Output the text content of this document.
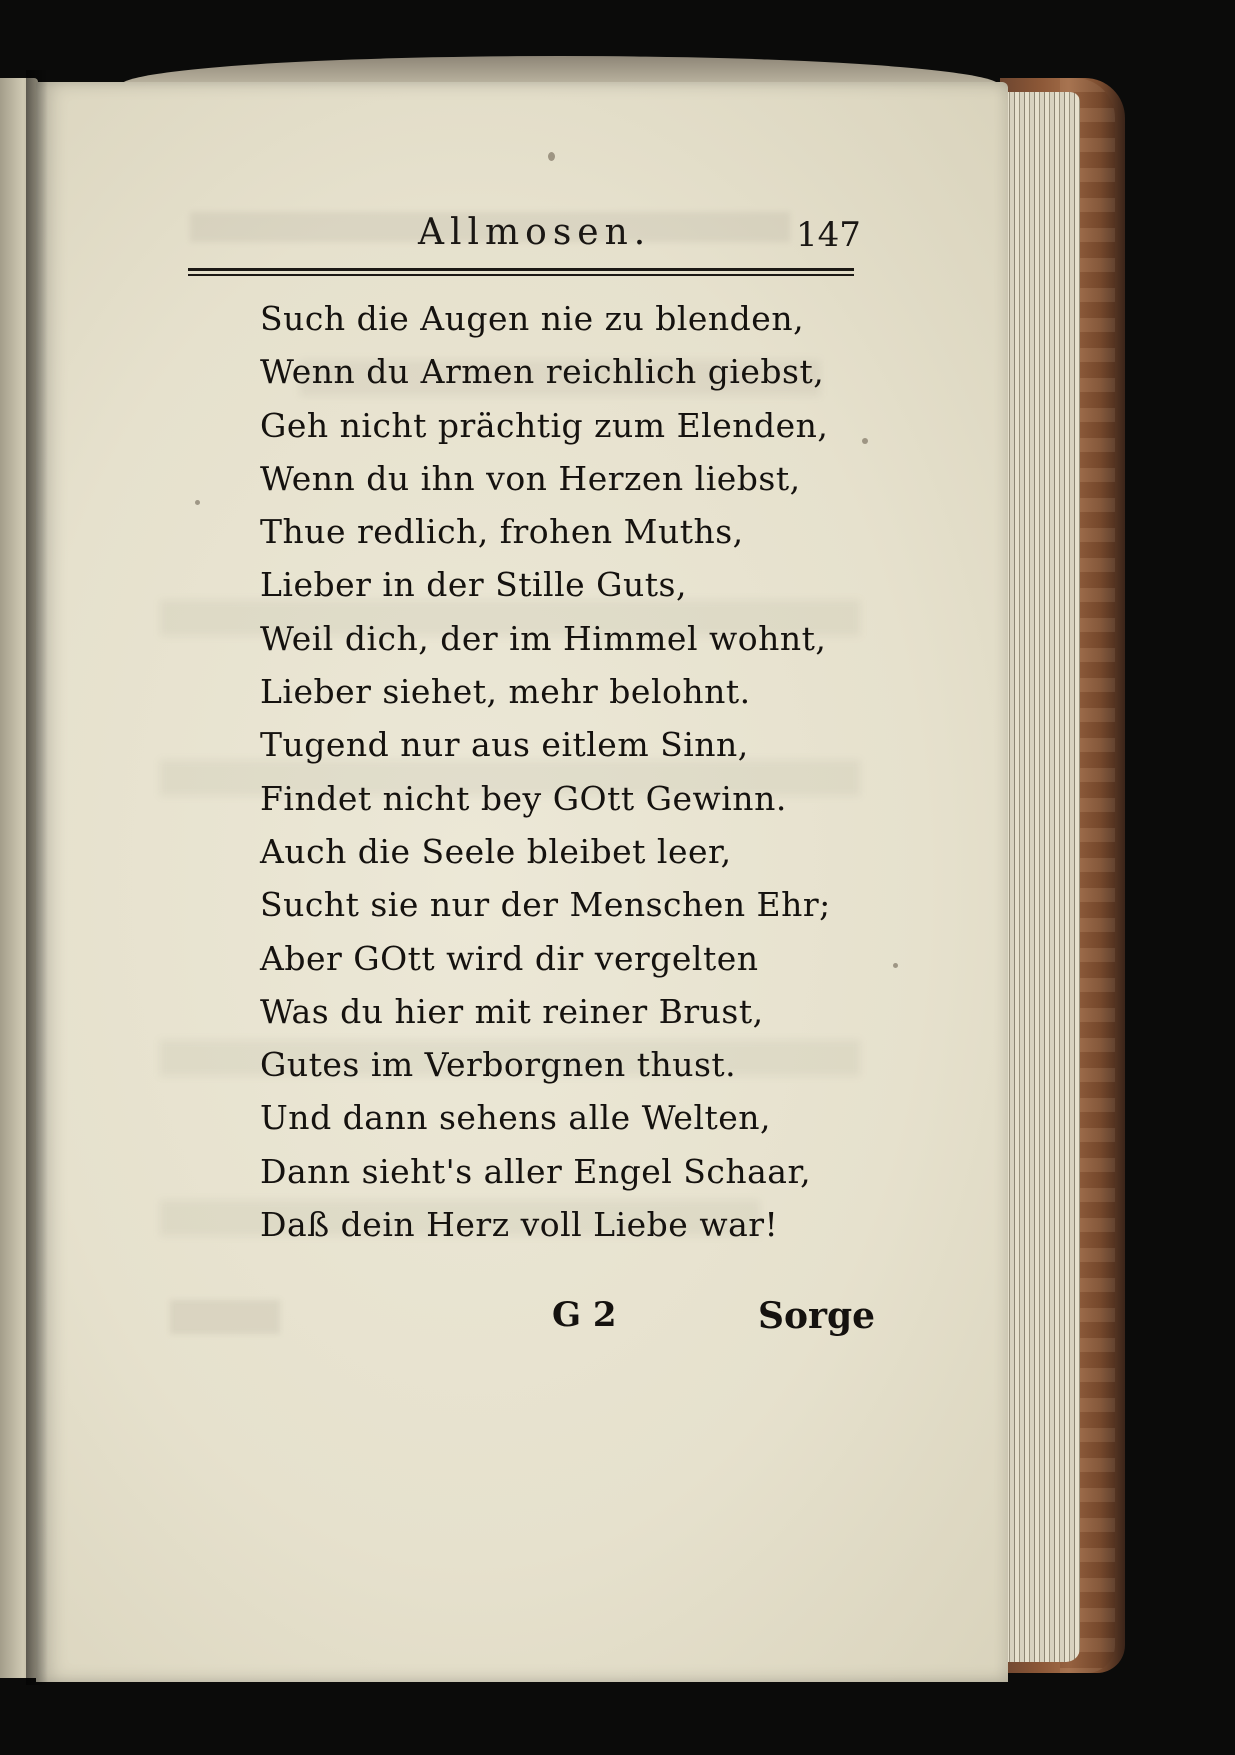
Allmosen.	147
Such die Augen nie zu blenden,
Wenn du Armen reichlich giebst,
Geh nicht prächtig zum Elenden,
Wenn du ihn von Herzen liebst,
Thue redlich, frohen Muths,
Lieber in der Stille Guts,
Weil dich, der im Himmel wohnt,
Lieber siehet, mehr belohnt.
Tugend nur aus eitlem Sinn,
Findet nicht bey GOtt Gewinn.
Auch die Seele bleibet leer,
Sucht sie nur der Menschen Ehr;
Aber GOtt wird dir vergelten
Was du hier mit reiner Brust,
Gutes im Verborgnen thust.
Und dann sehens alle Welten,
Dann sieht's aller Engel Schaar,
Daß dein Herz voll Liebe war!
G 2	Sorge
